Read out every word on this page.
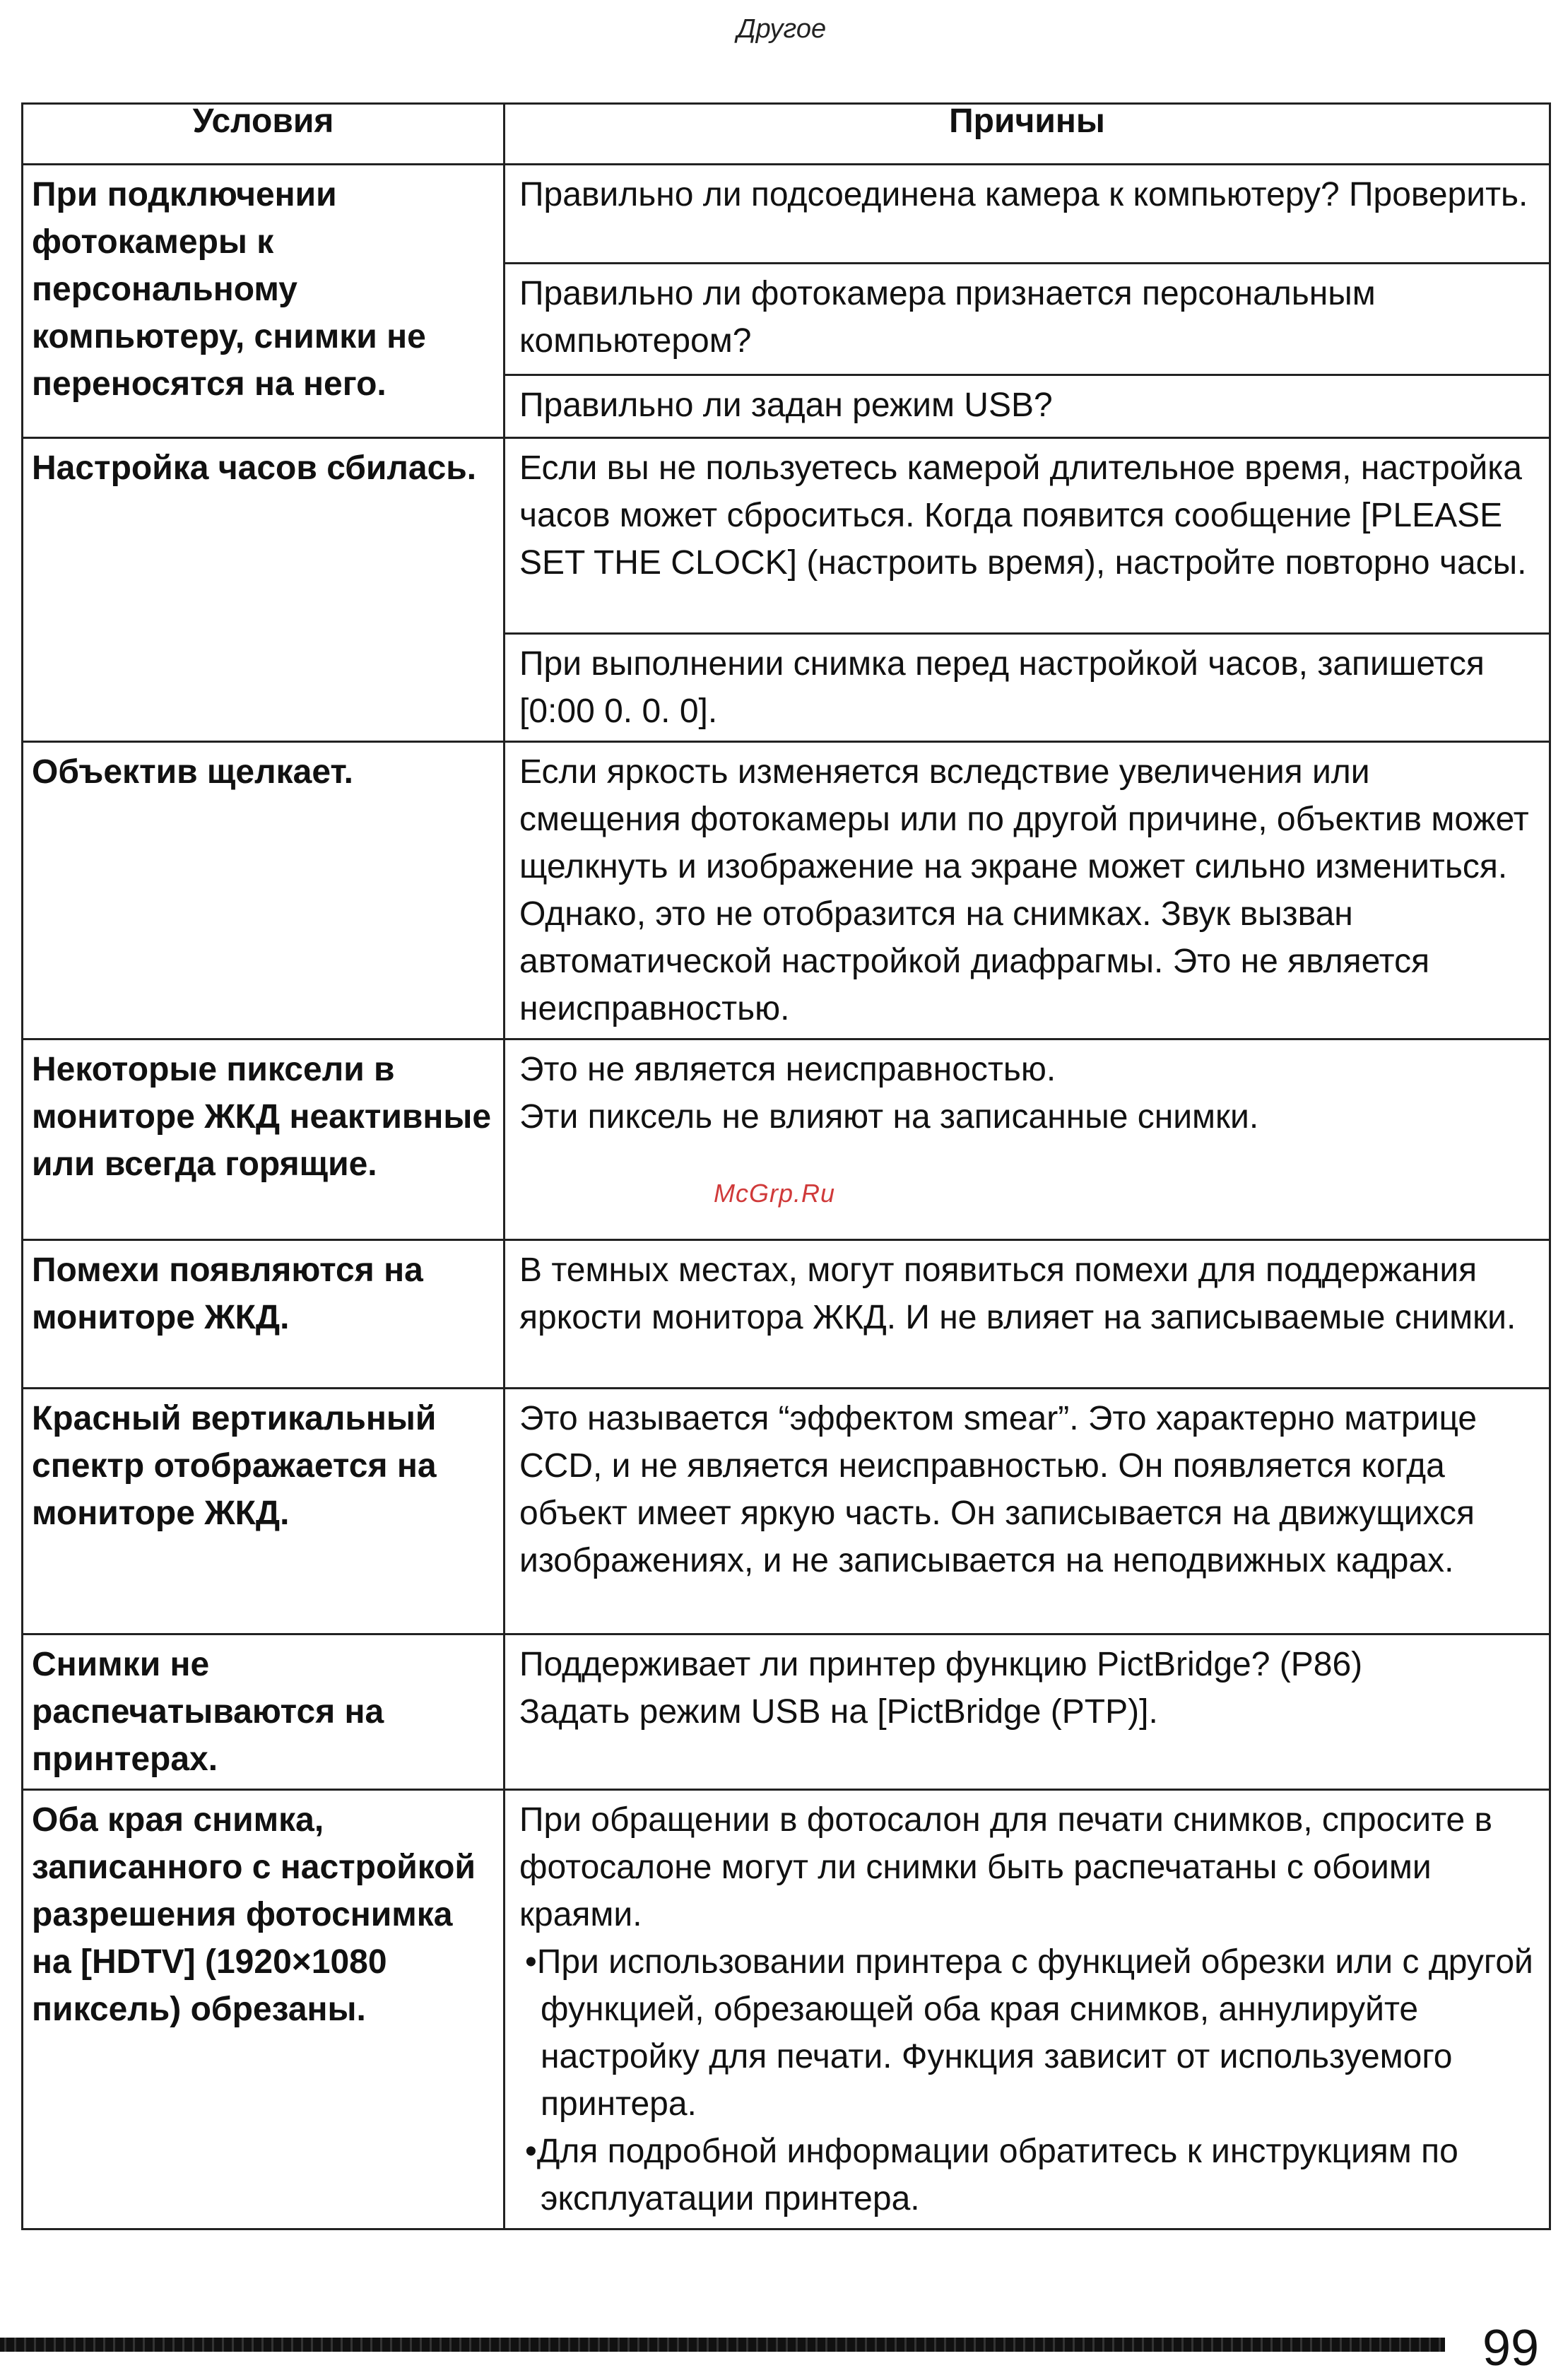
Другое
Условия	Причины
При подключении фотокамеры к персональному компьютеру, снимки не переносятся на него.	Правильно ли подсоединена камера к компьютеру? Проверить.
	Правильно ли фотокамера признается персональным компьютером?
	Правильно ли задан режим USB?
Настройка часов сбилась.	Если вы не пользуетесь камерой длительное время, настройка часов может сброситься. Когда появится сообщение [PLEASE SET THE CLOCK] (настроить время), настройте повторно часы.
	При выполнении снимка перед настройкой часов, запишется [0:00 0. 0. 0].
Объектив щелкает.	Если яркость изменяется вследствие увеличения или смещения фотокамеры или по другой причине, объектив может щелкнуть и изображение на экране может сильно измениться. Однако, это не отобразится на снимках. Звук вызван автоматической настройкой диафрагмы. Это не является неисправностью.
Некоторые пиксели в мониторе ЖКД неактивные или всегда горящие.	Это не является неисправностью.
Эти пиксель не влияют на записанные снимки.

Помехи появляются на мониторе ЖКД.	В темных местах, могут появиться помехи для поддержания яркости монитора ЖКД. И не влияет на записываемые снимки.
Красный вертикальный спектр отображается на мониторе ЖКД.	Это называется “эффектом smear”. Это характерно матрице CCD, и не является неисправностью. Он появляется когда объект имеет яркую часть. Он записывается на движущихся изображениях, и не записывается на неподвижных кадрах.
Снимки не распечатываются на принтерах.	Поддерживает ли принтер функцию PictBridge? (P86)
Задать режим USB на [PictBridge (PTP)].

Оба края снимка, записанного с настройкой разрешения фотоснимка на [HDTV] (1920×1080 пиксель) обрезаны.	При обращении в фотосалон для печати снимков, спросите в фотосалоне могут ли снимки быть распечатаны с обоими краями.
•При использовании принтера с функцией обрезки или с другой функцией, обрезающей оба края снимков, аннулируйте настройку для печати. Функция зависит от используемого принтера.
•Для подробной информации обратитесь к инструкциям по эксплуатации принтера.
McGrp.Ru
99
